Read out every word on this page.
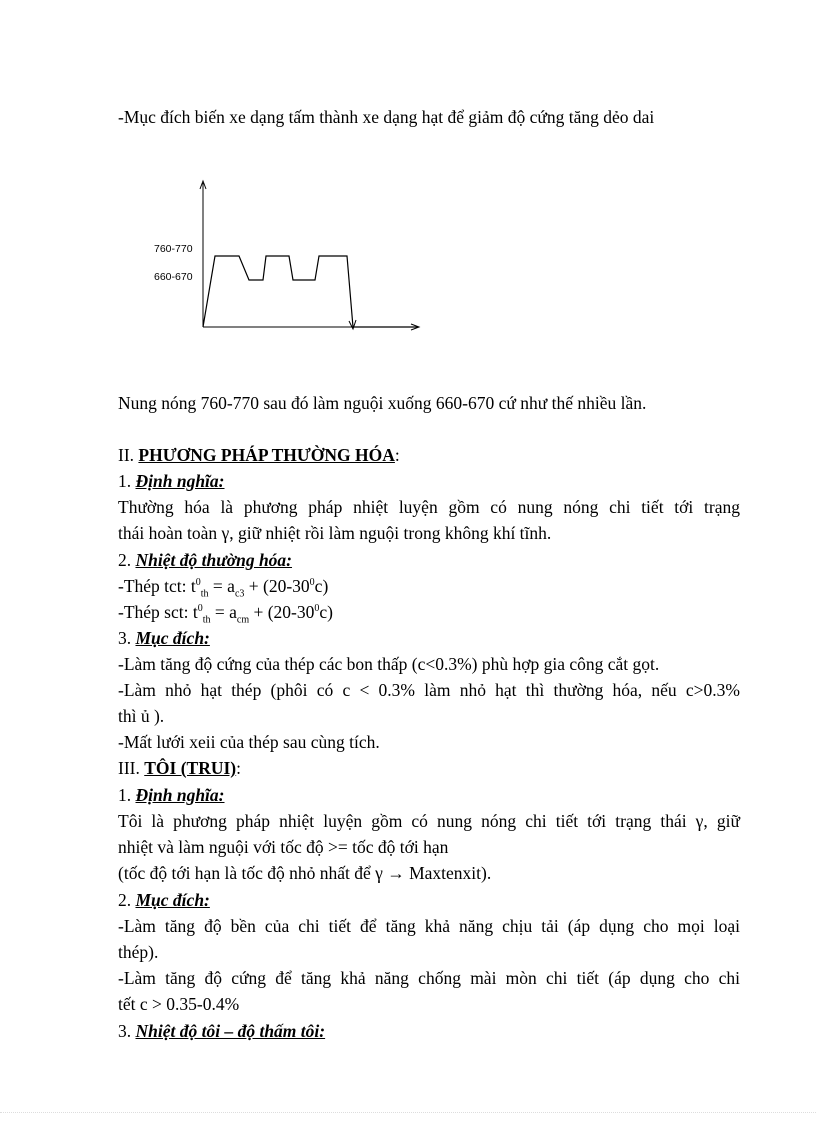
-Mục đích biến xe dạng tấm thành xe dạng hạt để giảm độ cứng tăng dẻo dai
760-770
660-670
Nung nóng 760-770 sau đó làm nguội xuống 660-670 cứ như thế nhiều lần.
II. PHƯƠNG PHÁP THƯỜNG HÓA:
1. Định nghĩa:
Thường hóa là phương pháp nhiệt luyện gồm có nung nóng chi tiết tới trạng
thái hoàn toàn γ, giữ nhiệt rồi làm nguội trong không khí tĩnh.
2. Nhiệt độ thường hóa:
-Thép tct: $t^0_{th} = a_{c3} + (20-30^0c)$
-Thép sct: $t^0_{th} = a_{cm} + (20-30^0c)$
3. Mục đích:
-Làm tăng độ cứng của thép các bon thấp (c<0.3%) phù hợp gia công cắt gọt.
-Làm nhỏ hạt thép (phôi có c < 0.3% làm nhỏ hạt thì thường hóa, nếu c>0.3%
thì ủ ).
-Mất lưới xeii của thép sau cùng tích.
III. TÔI (TRUI):
1. Định nghĩa:
Tôi là phương pháp nhiệt luyện gồm có nung nóng chi tiết tới trạng thái γ, giữ
nhiệt và làm nguội với tốc độ >= tốc độ tới hạn
(tốc độ tới hạn là tốc độ nhỏ nhất để γ → Maxtenxit).
2. Mục đích:
-Làm tăng độ bền của chi tiết để tăng khả năng chịu tải (áp dụng cho mọi loại
thép).
-Làm tăng độ cứng để tăng khả năng chống mài mòn chi tiết (áp dụng cho chi
tết c > 0.35-0.4%
3. Nhiệt độ tôi – độ thấm tôi:
